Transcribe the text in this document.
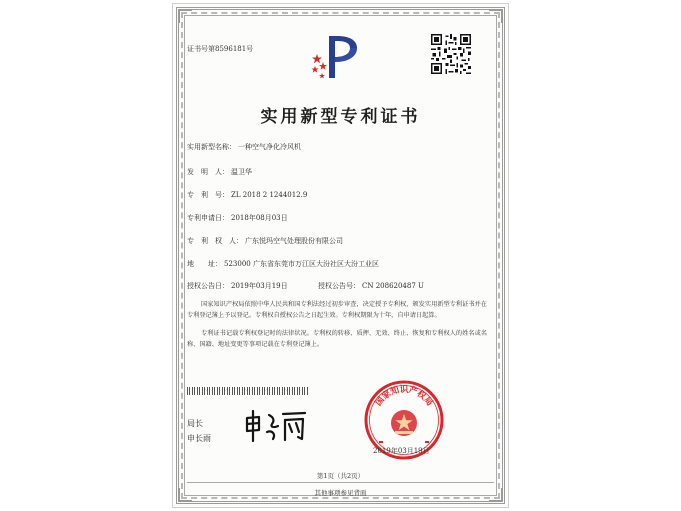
证书号第8596181号
实用新型专利证书
实用新型名称： 一种空气净化冷风机
发　明　人： 温卫华
专　利　号： ZL 2018 2 1244012.9
专利申请日： 2018年08月03日
专　利　权　人： 广东悦玛空气处理股份有限公司
地　　址： 523000 广东省东莞市万江区大汾社区大汾工业区
授权公告日： 2019年03月19日	授权公告号： CN 208620487 U
国家知识产权局依照中华人民共和国专利法经过初步审查，决定授予专利权，颁发实用新型专利证书并在专利登记簿上予以登记。专利权自授权公告之日起生效。专利权期限为十年，自申请日起算。
专利证书记载专利权登记时的法律状况。专利权的转移、质押、无效、终止、恢复和专利权人的姓名或名称、国籍、地址变更等事项记载在专利登记簿上。
局长
申长雨
国家知识产权局
2019年03月19日
第1页（共2页）
其他事项参见背面
